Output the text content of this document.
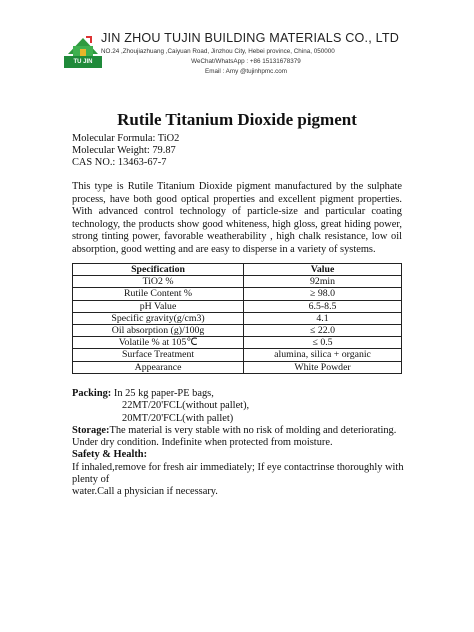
TU JIN
JIN ZHOU TUJIN BUILDING MATERIALS CO., LTD
NO.24 ,Zhoujiazhuang ,Caiyuan Road, Jinzhou City, Hebei province, China, 050000
WeChat/WhatsApp : +86 15131678379
Email : Amy @tujinhpmc.com
Rutile Titanium Dioxide pigment
Molecular Formula: TiO2
Molecular Weight: 79.87
CAS NO.: 13463-67-7
This type is Rutile Titanium Dioxide pigment manufactured by the sulphate process, have both good optical properties and excellent pigment properties. With advanced control technology of particle-size and particular coating technology, the products show good whiteness, high gloss, great hiding power, strong tinting power, favorable weatherability , high chalk resistance, low oil absorption, good wetting and are easy to disperse in a variety of systems.
Specification	Value
TiO2 %	92min
Rutile Content %	≥ 98.0
pH Value	6.5-8.5
Specific gravity(g/cm3)	4.1
Oil absorption (g)/100g	≤ 22.0
Volatile % at 105℃	≤ 0.5
Surface Treatment	alumina, silica + organic
Appearance	White Powder
Packing: In 25 kg paper-PE bags,
22MT/20'FCL(without pallet),
20MT/20'FCL(with pallet)
Storage:The material is very stable with no risk of molding and deteriorating.
Under dry condition. Indefinite when protected from moisture.
Safety & Health:
If inhaled,remove for fresh air immediately; If eye contactrinse thoroughly with plenty of
water.Call a physician if necessary.
